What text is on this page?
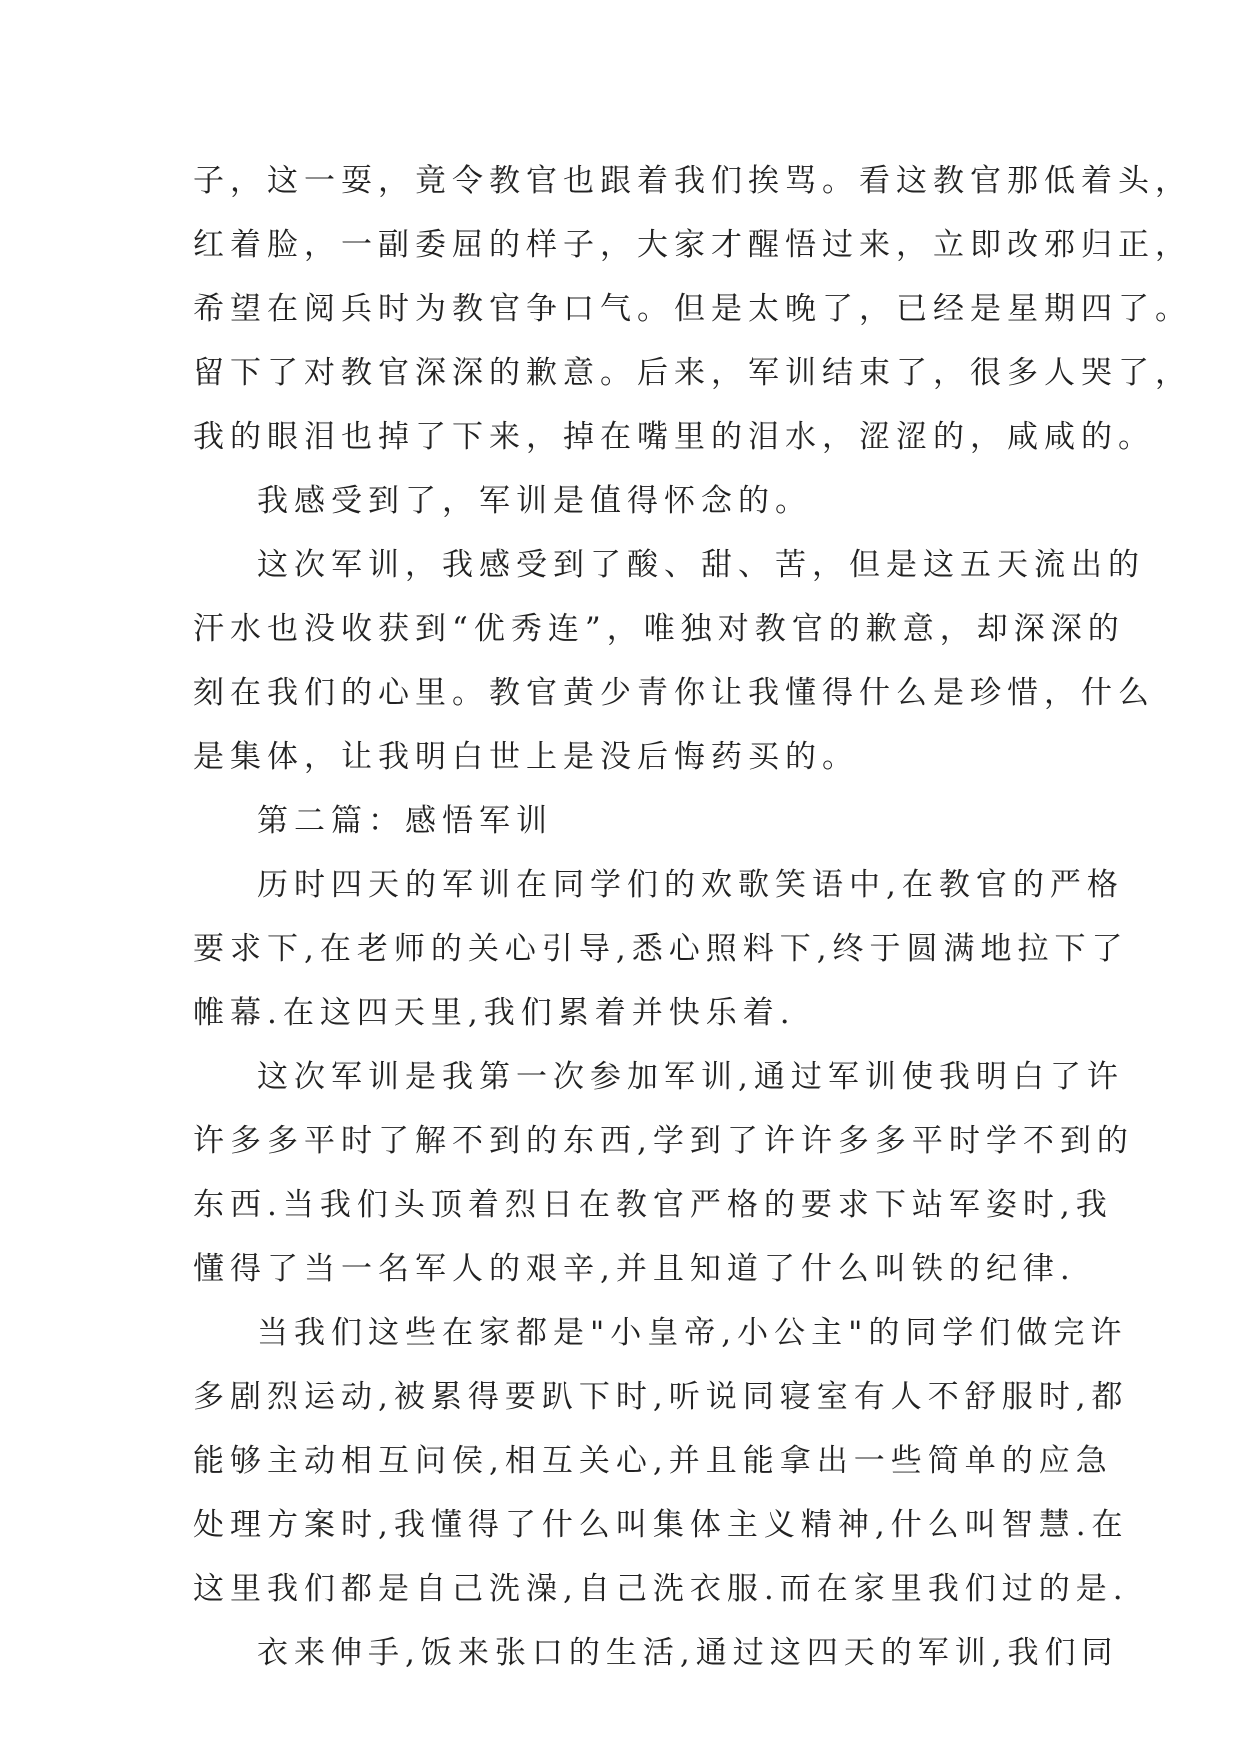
子，这一耍，竟令教官也跟着我们挨骂。看这教官那低着头，
红着脸，一副委屈的样子，大家才醒悟过来，立即改邪归正，
希望在阅兵时为教官争口气。但是太晚了，已经是星期四了。
留下了对教官深深的歉意。后来，军训结束了，很多人哭了，
我的眼泪也掉了下来，掉在嘴里的泪水，涩涩的，咸咸的。
我感受到了，军训是值得怀念的。
这次军训，我感受到了酸、甜、苦，但是这五天流出的
汗水也没收获到“优秀连”，唯独对教官的歉意，却深深的
刻在我们的心里。教官黄少青你让我懂得什么是珍惜，什么
是集体，让我明白世上是没后悔药买的。
第二篇：感悟军训
历时四天的军训在同学们的欢歌笑语中,在教官的严格
要求下,在老师的关心引导,悉心照料下,终于圆满地拉下了
帷幕.在这四天里,我们累着并快乐着.
这次军训是我第一次参加军训,通过军训使我明白了许
许多多平时了解不到的东西,学到了许许多多平时学不到的
东西.当我们头顶着烈日在教官严格的要求下站军姿时,我
懂得了当一名军人的艰辛,并且知道了什么叫铁的纪律.
当我们这些在家都是"小皇帝,小公主"的同学们做完许
多剧烈运动,被累得要趴下时,听说同寝室有人不舒服时,都
能够主动相互问侯,相互关心,并且能拿出一些简单的应急
处理方案时,我懂得了什么叫集体主义精神,什么叫智慧.在
这里我们都是自己洗澡,自己洗衣服.而在家里我们过的是.
衣来伸手,饭来张口的生活,通过这四天的军训,我们同
